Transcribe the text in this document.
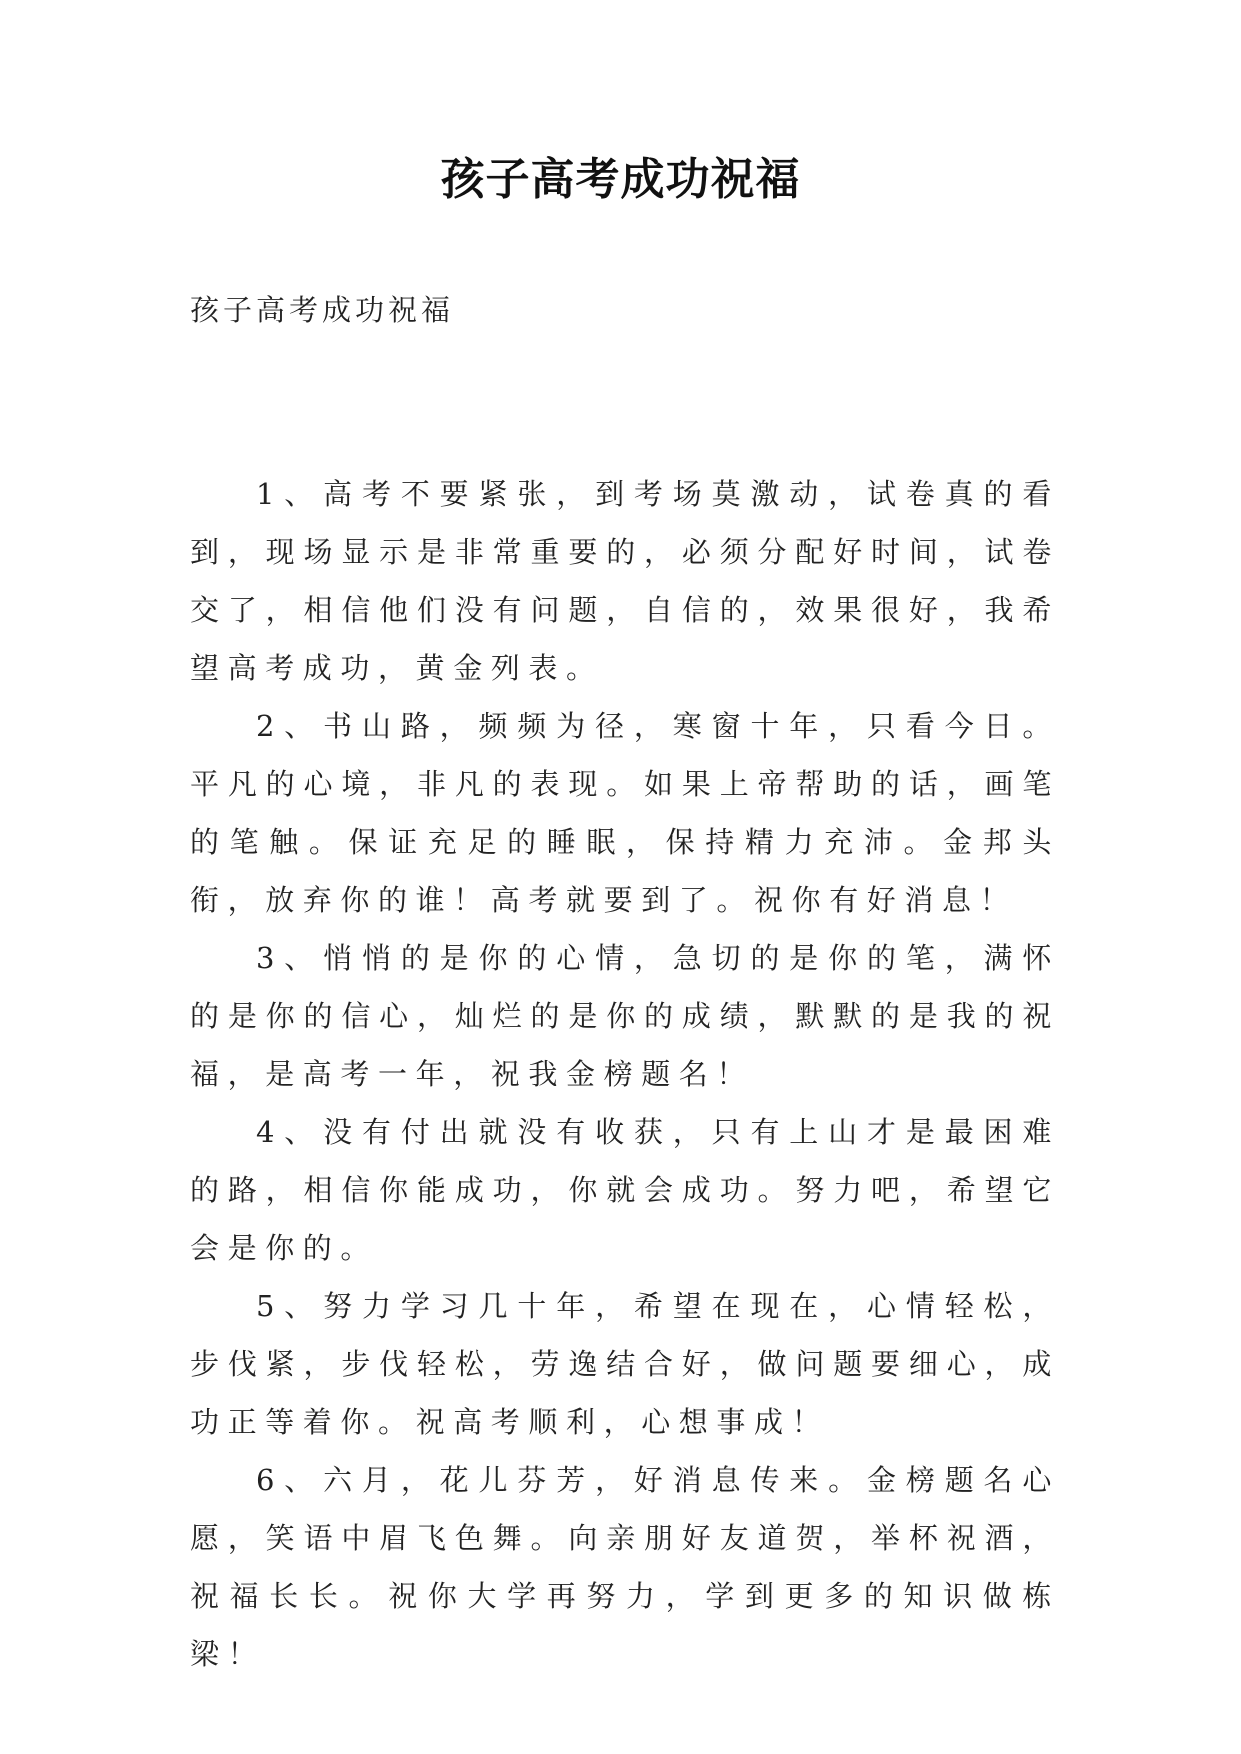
孩子高考成功祝福

孩子高考成功祝福

1、高考不要紧张，到考场莫激动，试卷真的看到，现场显示是非常重要的，必须分配好时间，试卷交了，相信他们没有问题，自信的，效果很好，我希望高考成功，黄金列表。

2、书山路，频频为径，寒窗十年，只看今日。平凡的心境，非凡的表现。如果上帝帮助的话，画笔的笔触。保证充足的睡眠，保持精力充沛。金邦头衔，放弃你的谁！高考就要到了。祝你有好消息！

3、悄悄的是你的心情，急切的是你的笔，满怀的是你的信心，灿烂的是你的成绩，默默的是我的祝福，是高考一年，祝我金榜题名！

4、没有付出就没有收获，只有上山才是最困难的路，相信你能成功，你就会成功。努力吧，希望它会是你的。

5、努力学习几十年，希望在现在，心情轻松，步伐紧，步伐轻松，劳逸结合好，做问题要细心，成功正等着你。祝高考顺利，心想事成！

6、六月，花儿芬芳，好消息传来。金榜题名心愿，笑语中眉飞色舞。向亲朋好友道贺，举杯祝酒，祝福长长。祝你大学再努力，学到更多的知识做栋梁！
